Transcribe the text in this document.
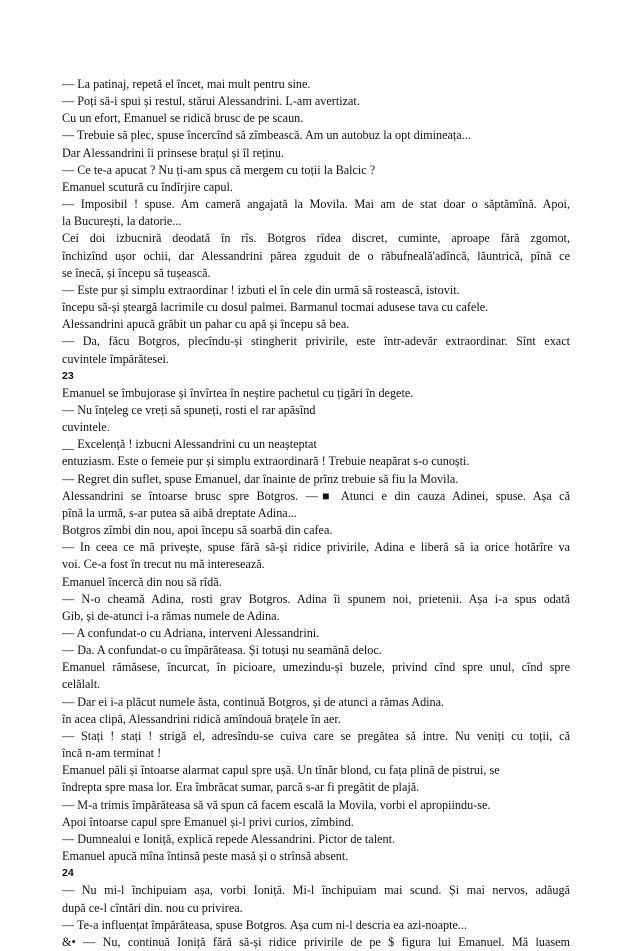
— La patinaj, repetă el încet, mai mult pentru sine.
— Poți să-i spui și restul, stărui Alessandrini. L-am avertizat.
Cu un efort, Emanuel se ridică brusc de pe scaun.
— Trebuie să plec, spuse încercînd să zîmbească. Am un autobuz la opt dimineața...
Dar Alessandrini îi prinsese brațul și îl reținu.
— Ce te-a apucat ? Nu ți-am spus că mergem cu toții la Balcic ?
Emanuel scutură cu îndîrjire capul.
— Imposibil ! spuse. Am cameră angajată la Movila. Mai am de stat doar o săptămînă. Apoi,
la București, la datorie...
Cei doi izbucniră deodată în rîs. Botgros rîdea discret, cuminte, aproape fără zgomot,
închizînd ușor ochii, dar Alessandrini părea zguduit de o răbufneală'adîncă, lăuntrică, pînă ce
se înecă, și începu să tușească.
— Este pur și simplu extraordinar ! izbuti el în cele din urmă să rostească, istovit.
începu să-și șteargă lacrimile cu dosul palmei. Barmanul tocmai adusese tava cu cafele.
Alessandrini apucă grăbit un pahar cu apă și începu să bea.
— Da, făcu Botgros, plecîndu-și stingherit privirile, este într-adevăr extraordinar. Sînt exact
cuvintele împărătesei.
23
Emanuel se îmbujorase și învîrtea în neștire pachetul cu țigări în degete.
— Nu înțeleg ce vreți să spuneți, rosti el rar apăsînd
cuvintele.
__ Excelență ! izbucni Alessandrini cu un neașteptat
entuziasm. Este o femeie pur și simplu extraordinară ! Trebuie neapărat s-o cunoști.
— Regret din suflet, spuse Emanuel, dar înainte de prînz trebuie să fiu la Movila.
Alessandrini se întoarse brusc spre Botgros. —■ Atunci e din cauza Adinei, spuse. Așa că
pînă la urmă, s-ar putea să aibă dreptate Adina...
Botgros zîmbi din nou, apoi începu să soarbă din cafea.
— In ceea ce mă privește, spuse fără să-și ridice privirile, Adina e liberă să ia orice hotărîre va
voi. Ce-a fost în trecut nu mă interesează.
Emanuel încercă din nou să rîdă.
— N-o cheamă Adina, rosti grav Botgros. Adina îi spunem noi, prietenii. Așa i-a spus odată
Gib, și de-atunci i-a rămas numele de Adina.
— A confundat-o cu Adriana, interveni Alessandrini.
— Da. A confundat-o cu împărăteasa. Și totuși nu seamănă deloc.
Emanuel rămăsese, încurcat, în picioare, umezindu-și buzele, privind cînd spre unul, cînd spre
celălalt.
— Dar ei i-a plăcut numele ăsta, continuă Botgros, și de atunci a rămas Adina.
în acea clipă, Alessandrini ridică amîndouă brațele în aer.
— Stați ! stați ! strigă el, adresîndu-se cuiva care se pregătea să intre. Nu veniți cu toții, că
încă n-am terminat !
Emanuel păli și întoarse alarmat capul spre ușă. Un tînăr blond, cu fața plină de pistrui, se
îndrepta spre masa lor. Era îmbrăcat sumar, parcă s-ar fi pregătit de plajă.
— M-a trimis împărăteasa să vă spun că facem escală la Movila, vorbi el apropiindu-se.
Apoi întoarse capul spre Emanuel și-l privi curios, zîmbind.
— Dumnealui e Ioniță, explică repede Alessandrini. Pictor de talent.
Emanuel apucă mîna întinsă peste masă și o strînsă absent.
24
— Nu mi-l închipuiam așa, vorbi Ioniță. Mi-l închipuiam mai scund. Și mai nervos, adăugă
după ce-l cîntări din. nou cu privirea.
— Te-a influențat împărăteasa, spuse Botgros. Așa cum ni-l descria ea azi-noapte...
&• — Nu, continuă Ioniță fără să-și ridice privirile de pe $ figura lui Emanuel. Mă luasem
